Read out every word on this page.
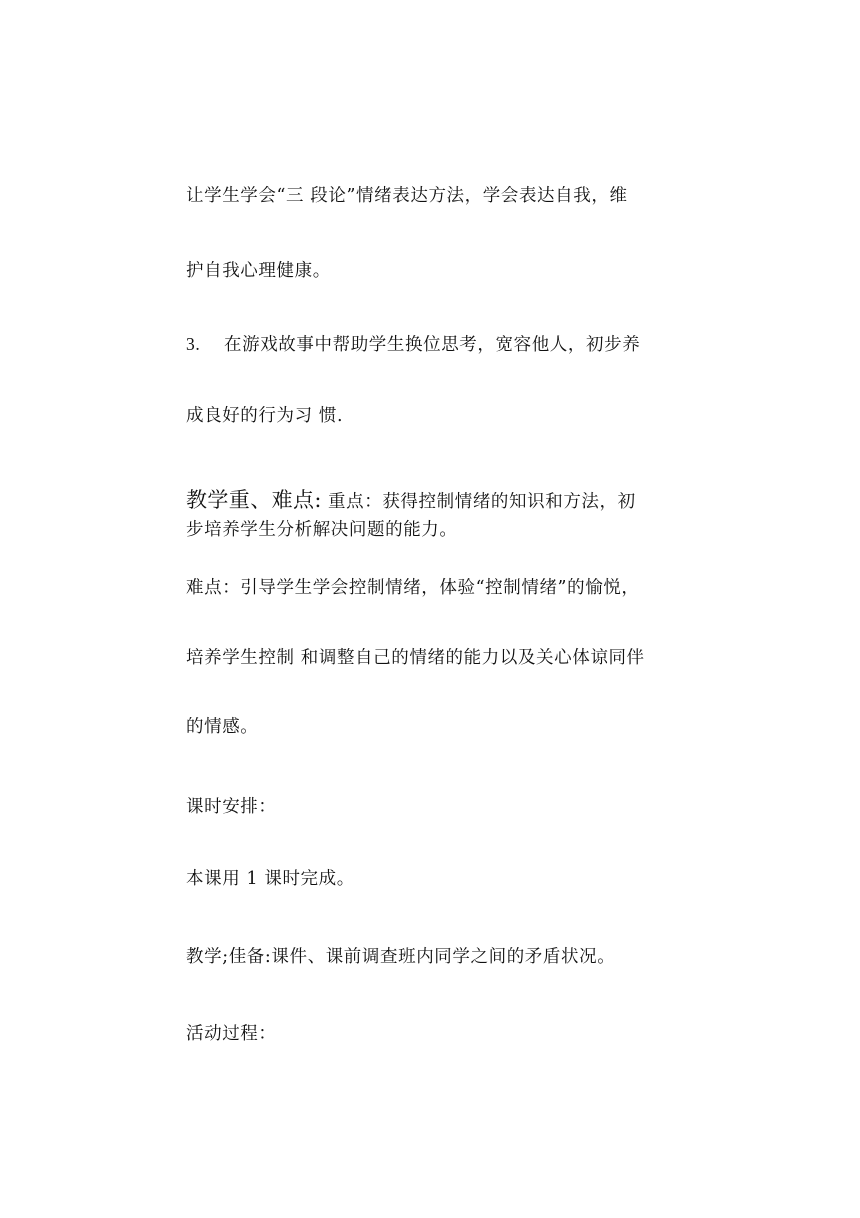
让学生学会“三 段论”情绪表达方法，学会表达自我，维
护自我心理健康。
3. 在游戏故事中帮助学生换位思考，宽容他人，初步养
成良好的行为习 惯.
教学重、难点: 重点：获得控制情绪的知识和方法，初
步培养学生分析解决问题的能力。
难点：引导学生学会控制情绪，体验“控制情绪”的愉悦，
培养学生控制 和调整自己的情绪的能力以及关心体谅同伴
的情感。
课时安排：
本课用 1 课时完成。
教学;佳备:课件、课前调查班内同学之间的矛盾状况。
活动过程：
